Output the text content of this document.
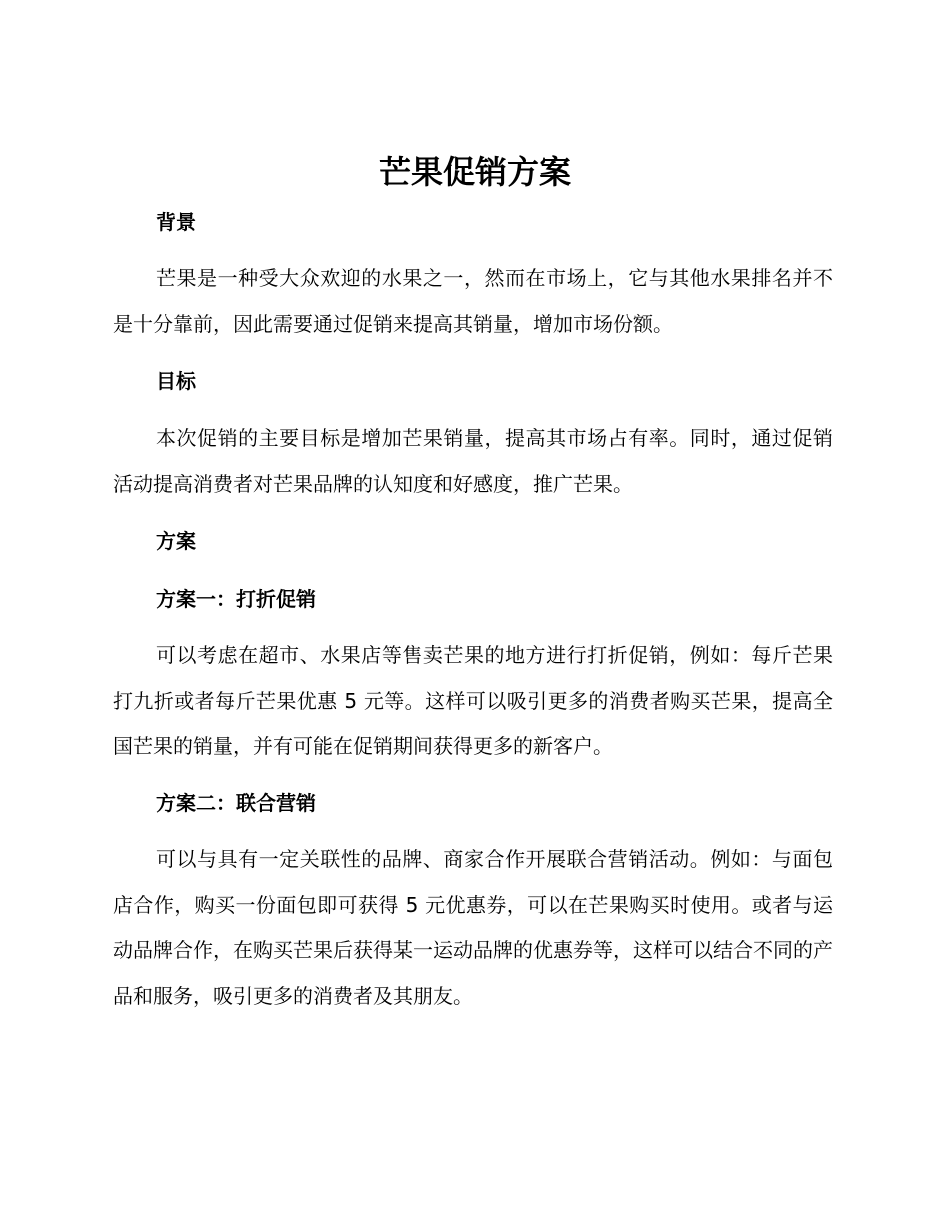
芒果促销方案
背景

芒果是一种受大众欢迎的水果之一，然而在市场上，它与其他水果排名并不是十分靠前，因此需要通过促销来提高其销量，增加市场份额。

目标

本次促销的主要目标是增加芒果销量，提高其市场占有率。同时，通过促销活动提高消费者对芒果品牌的认知度和好感度，推广芒果。

方案
方案一：打折促销

可以考虑在超市、水果店等售卖芒果的地方进行打折促销，例如：每斤芒果打九折或者每斤芒果优惠 5 元等。这样可以吸引更多的消费者购买芒果，提高全国芒果的销量，并有可能在促销期间获得更多的新客户。

方案二：联合营销

可以与具有一定关联性的品牌、商家合作开展联合营销活动。例如：与面包店合作，购买一份面包即可获得 5 元优惠券，可以在芒果购买时使用。或者与运动品牌合作，在购买芒果后获得某一运动品牌的优惠券等，这样可以结合不同的产品和服务，吸引更多的消费者及其朋友。
